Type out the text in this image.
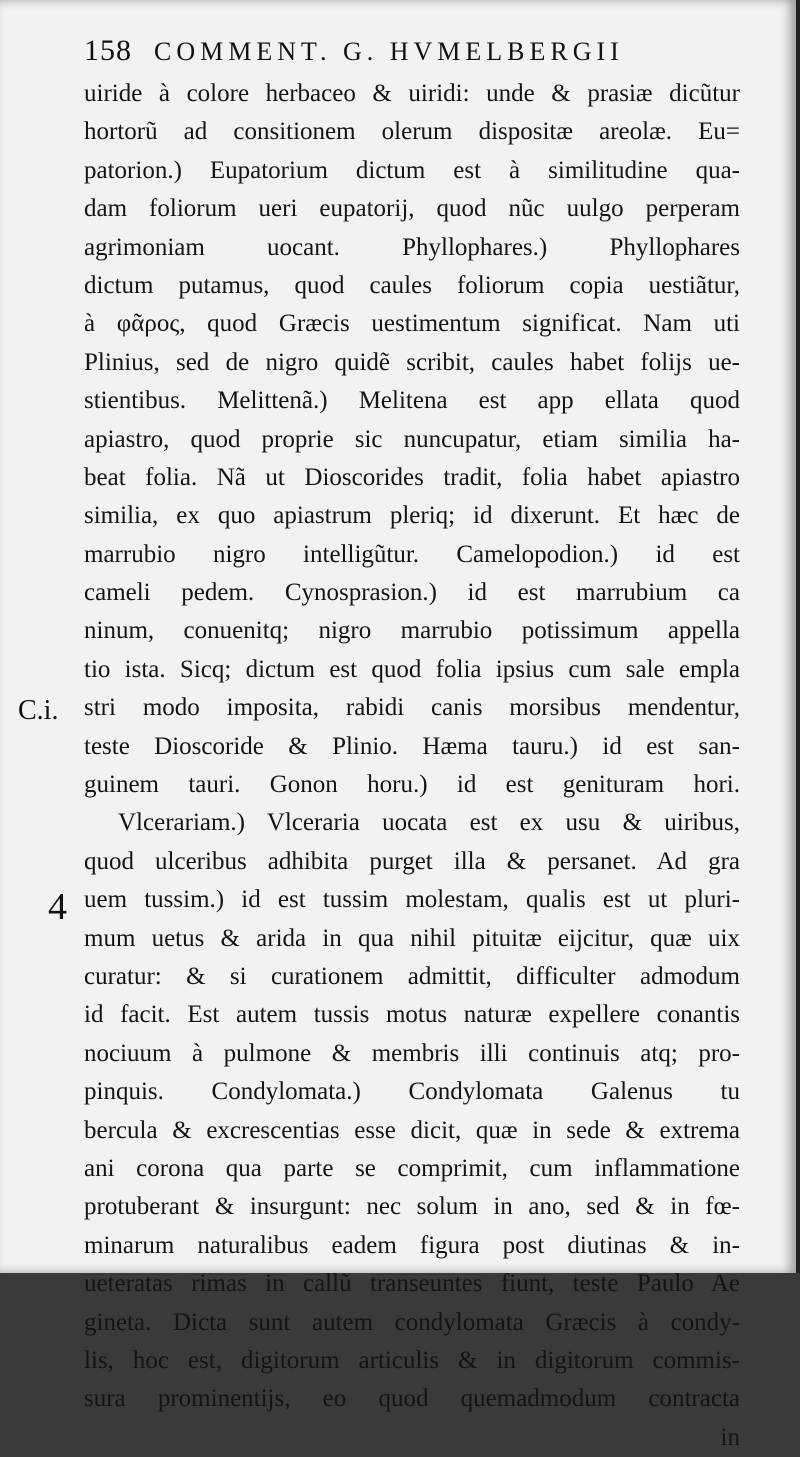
158 COMMENT. G. HVMELBERGII
C.i.
4
uiride à colore herbaceo & uiridi: unde & prasiæ dicũtur
hortorũ ad consitionem olerum dispositæ areolæ. Eu=
patorion.) Eupatorium dictum est à similitudine qua-
dam foliorum ueri eupatorij, quod nũc uulgo perperam
agrimoniam uocant. Phyllophares.) Phyllophares
dictum putamus, quod caules foliorum copia uestiãtur,
à φᾶρος, quod Græcis uestimentum significat. Nam uti
Plinius, sed de nigro quidẽ scribit, caules habet folijs ue-
stientibus. Melittenã.) Melitena est app ellata quod
apiastro, quod proprie sic nuncupatur, etiam similia ha-
beat folia. Nã ut Dioscorides tradit, folia habet apiastro
similia, ex quo apiastrum pleriq; id dixerunt. Et hæc de
marrubio nigro intelligũtur. Camelopodion.) id est
cameli pedem. Cynosprasion.) id est marrubium ca
ninum, conuenitq; nigro marrubio potissimum appella
tio ista. Sicq; dictum est quod folia ipsius cum sale empla
stri modo imposita, rabidi canis morsibus mendentur,
teste Dioscoride & Plinio. Hæma tauru.) id est san-
guinem tauri. Gonon horu.) id est genituram hori.
Vlcerariam.) Vlceraria uocata est ex usu & uiribus,
quod ulceribus adhibita purget illa & persanet. Ad gra
uem tussim.) id est tussim molestam, qualis est ut pluri-
mum uetus & arida in qua nihil pituitæ eijcitur, quæ uix
curatur: & si curationem admittit, difficulter admodum
id facit. Est autem tussis motus naturæ expellere conantis
nociuum à pulmone & membris illi continuis atq; pro-
pinquis. Condylomata.) Condylomata Galenus tu
bercula & excrescentias esse dicit, quæ in sede & extrema
ani corona qua parte se comprimit, cum inflammatione
protuberant & insurgunt: nec solum in ano, sed & in fœ-
minarum naturalibus eadem figura post diutinas & in-
ueteratas rimas in callũ transeuntes fiunt, teste Paulo Ae
gineta. Dicta sunt autem condylomata Græcis à condy-
lis, hoc est, digitorum articulis & in digitorum commis-
sura prominentijs, eo quod quemadmodum contracta
in
